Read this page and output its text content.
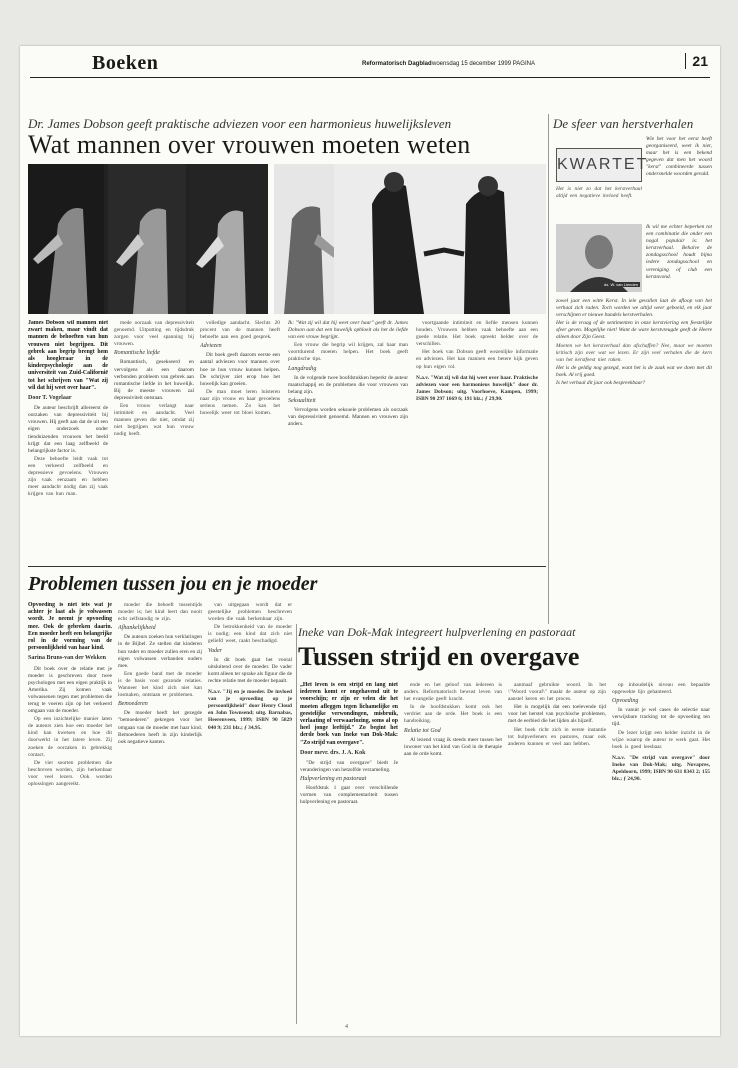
Boeken	Reformatorisch Dagblad woensdag 15 december 1999 PAGINA	21
Dr. James Dobson geeft praktische adviezen voor een harmonieus huwelijksleven
Wat mannen over vrouwen moeten weten

James Dobson wil mannen niet zwart maken, maar vindt dat mannen de behoeften van hun vrouwen niet begrijpen. Dit gebrek aan begrip brengt hem als hoogleraar in de kinderpsychologie aan de universiteit van Zuid-Californië tot het schrijven van "Wat zij wil dat hij weet over haar".

Door T. Vogelaar

De auteur beschrijft allereerst de oorzaken van depressiviteit bij vrouwen. Hij geeft aan dat de uit een eigen onderzoek onder tienduizenden vrouwen het beeld krijgt dat een laag zelfbeeld de belangrijkste factor is.

Deze behoefte leidt vaak tot een verkeerd zelfbeeld en depressieve gevoelens. Vrouwen zijn vaak eenzaam en hebben meer aandacht nodig dan zij vaak krijgen van hun man.

mede oorzaak van depressiviteit genoemd. Uitputting en tijdsdruk zorgen voor veel spanning bij vrouwen.

Romantische liefde

Romantisch, gesekseerd en vervolgens als een daarom verbonden probleem van gebrek aan romantische liefde in het huwelijk. Bij de meeste vrouwen zal depressiviteit ontstaan.

Een vrouw verlangt naar intimiteit en aandacht. Veel mannen geven die niet, omdat zij niet begrijpen wat hun vrouw nodig heeft.

volledige aandacht. Slechts 20 procent van de mannen heeft behoefte aan een goed gesprek.

Adviezen

Dit boek geeft daarom eerste een aantal adviezen voor mannen over hoe ze hun vrouw kunnen helpen. De schrijver ziet erop hoe het huwelijk kan groeien.

De man moet leren luisteren naar zijn vrouw en haar gevoelens serieus nemen. Zo kan het huwelijk weer tot bloei komen.

Ik: "Wat zij wil dat hij weet over haar" geeft dr. James Dobson aan dat een huwelijk opbloeit als het de liefde van een vrouw begrijpt.

Een vrouw die begrip wil krijgen, zal haar man voortdurend moeten helpen. Het boek geeft praktische tips.

Langdradig

In de volgende twee hoofdstukken beperkt de auteur maatschappij en de problemen die voor vrouwen van belang zijn.

Seksualiteit

Vervolgens worden seksuele problemen als oorzaak van depressiviteit genoemd. Mannen en vrouwen zijn anders.

voortgaande intimiteit en liefde mensen kunnen houden. Vrouwen hebben vaak behoefte aan een goede relatie. Het boek spreekt helder over de verschillen.

Het boek van Dobson geeft wezenlijke informatie en adviezen. Het kan mannen een betere kijk geven op hun eigen rol.

N.a.v. "Wat zij wil dat hij weet over haar. Praktische adviezen voor een harmonieus huwelijk" door dr. James Dobson; uitg. Voorhoeve, Kampen, 1999; ISBN 90 297 1669 6; 191 blz.; ƒ 29,90.

De sfeer van herstverhalen
KWARTET

Wie het voor het eerst heeft georganiseerd, weet ik niet, maar het is een bekend gegeven dat men het woord "kerst" combineerde tussen ondersnelde woorden gevuld.

Het is niet zo dat het kerstverhaal altijd een negatieve invloed heeft.

ds. W. van Lienden

Ik wil me echter beperken tot een combinatie die onder een nogal populair is: het kerstverhaal. Behalve de zondagsschool houdt bijna iedere zondagsschool en vereniging of club een kerstavond.

zowel jaar een witte Kerst. In iele gevallen laat de afloop van het verhaal zich raden. Toch worden we altijd weer geboeid, en elk jaar verschijnen er nieuwe bundels kerstverhalen.

Het is de vraag of de sentimenten in onze kerstviering een feestelijke sfeer geven. Mogelijke niet! Want de ware kerstvreugde geeft de Heere alleen door Zijn Geest.

Moeten we het kerstverhaal dan afschaffen? Nee, maar we moeten kritisch zijn over wat we lezen. Er zijn veel verhalen die de kern van het kerstfeest niet raken.

Het is de geldig nog gezegd, want het is de zaak wat we doen met dit boek. Al vrij goed.

Is het verhaal dit jaar ook bespreekbaar?

Problemen tussen jou en je moeder

Opvoeding is niet iets wat je achter je laat als je volwassen wordt. Je neemt je opvoeding mee. Ook de gebreken daarin. Een moeder heeft een belangrijke rol in de vorming van de persoonlijkheid van haar kind.

Sarina Bruns-van der Wekken

Dit boek over de relatie met je moeder is geschreven door twee psychologen met een eigen praktijk in Amerika. Zij komen vaak volwassenen tegen met problemen die terug te voeren zijn op het verkeerd omgaan van de moeder.

Op een inzichtelijke manier laten de auteurs zien hoe een moeder het kind kan kwetsen en hoe dit doorwerkt in het latere leven. Zij zoeken de oorzaken in gebrekkig contact.

De vier soorten problemen die beschreven worden, zijn herkenbaar voor veel lezers. Ook worden oplossingen aangereikt.

moeder die behoeft tussentijds moeder is; het kind leert dan nooit echt zelfstandig te zijn.

Afhankelijkheid

De auteurs zoeken hun verklaringen in de Bijbel. Ze stellen dat kinderen hun vader en moeder zullen eren en zij eigen volwassen verbanden ouders mee.

Een goede band met de moeder is de basis voor gezonde relaties. Wanneer het kind zich niet kan losmaken, ontstaan er problemen.

Bemoederen

De moeder heeft het gezegde "bemoederen" gekregen voor het omgaan van de moeder met haar kind. Bemoederen heeft in zijn kinderlijk ook negatieve kanten.

van uitgegaan wordt dat er geestelijke problemen beschreven worden die vaak herkenbaar zijn.

De betrokkenheid van de moeder is nodig; een kind dat zich niet geliefd weet, raakt beschadigd.

Vader

In dit boek gaat het vooral uitsluitend over de moeder. De vader komt alleen ter sprake als figuur die de rechte relatie met de moeder bepaalt.

N.a.v. "Jij en je moeder. De invloed van je opvoeding op je persoonlijkheid" door Henry Cloud en John Townsend; uitg. Barnabas, Heerenveen, 1999; ISBN 90 5829 040 9; 231 blz.; ƒ 34,95.

Ineke van Dok-Mak integreert hulpverlening en pastoraat
Tussen strijd en overgave

„Het leven is een strijd en lang niet iedereen komt er ongehavend uit te voorschijn; er zijn er velen die het moeten afleggen tegen lichamelijke en geestelijke verwondingen, misbruik, verlaating of verwaarlozing, soms al op heel jonge leeftijd." Zo begint het derde boek van Ineke van Dok-Mak: "Zo strijd van overgave".

Door mevr. drs. J. A. Kok

"De strijd van overgave" biedt Je veranderingen van hetzelfde verzameling.

Hulpverlening en pastoraat

Hoofdstuk 1 gaat over verschillende vormen van complementariteit tussen hulpverlening en pastoraat.

ende en het geloof van iedereen is anders. Reformatorisch bewust leven van het evangelie geeft kracht.

In de hoofdstukken komt ook het verdriet aan de orde. Het boek is een handreiking.

Relatie tot God

Al lezend vraag ik steeds meer tussen het inwoner van het kind van God in de therapie aan de orde komt.

aanmaaf gebruikte woord. In het \"Woord vooraf\" maakt de auteur op zijn aanstel keren en het proces.

Het is mogelijk dat een toelevende tijd voor het herstel van psychische problemen, met de eerbied die het lijden als hijzelf.

Het boek richt zich in eerste instantie tot hulpverleners en pastores, maar ook anderen kunnen er veel aan hebben.

op inhoudelijk niveau een bepaalde opgewekte lijn gehanteerd.

Opvoeding

In vanuit je wel cases de selectie naar verwijsbare tracking tot de opvoeding ten tijd.

De lezer krijgt een helder inzicht in de wijze waarop de auteur te werk gaat. Het boek is goed leesbaar.

N.a.v. "De strijd van overgave" door Ineke van Dok-Mak; uitg. Novapres, Apeldoorn, 1999; ISBN 90 631 8343 2; 155 blz.; ƒ 24,90.

4
